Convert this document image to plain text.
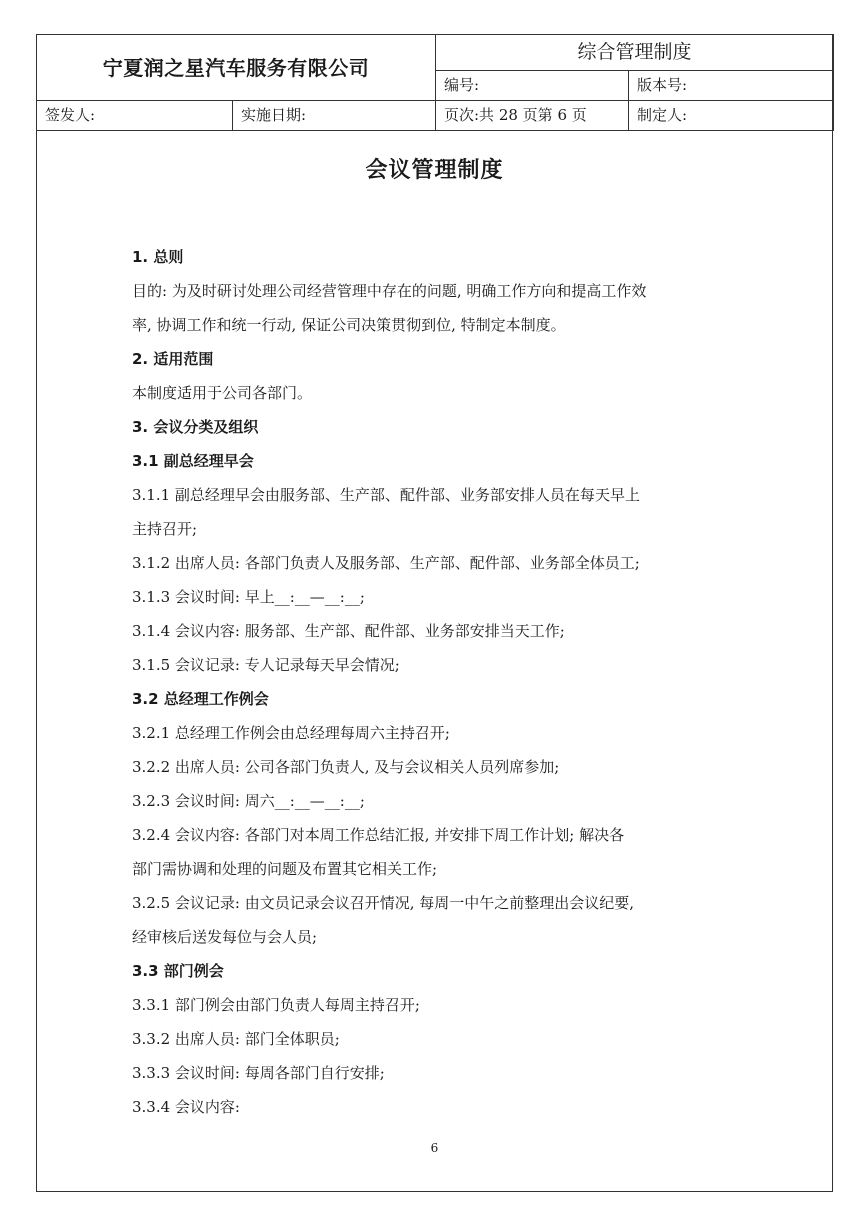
宁夏润之星汽车服务有限公司		综合管理制度	
		编号:	版本号:
签发人:	实施日期:	页次:共 28 页第 6 页	制定人:
会议管理制度
1. 总则
目的: 为及时研讨处理公司经营管理中存在的问题, 明确工作方向和提高工作效
率, 协调工作和统一行动, 保证公司决策贯彻到位, 特制定本制度。
2. 适用范围
本制度适用于公司各部门。
3. 会议分类及组织
3.1 副总经理早会
3.1.1 副总经理早会由服务部、生产部、配件部、业务部安排人员在每天早上
主持召开;
3.1.2 出席人员: 各部门负责人及服务部、生产部、配件部、业务部全体员工;
3.1.3 会议时间: 早上__:__—__:__;
3.1.4 会议内容: 服务部、生产部、配件部、业务部安排当天工作;
3.1.5 会议记录: 专人记录每天早会情况;
3.2 总经理工作例会
3.2.1 总经理工作例会由总经理每周六主持召开;
3.2.2 出席人员: 公司各部门负责人, 及与会议相关人员列席参加;
3.2.3 会议时间: 周六__:__—__:__;
3.2.4 会议内容: 各部门对本周工作总结汇报, 并安排下周工作计划; 解决各
部门需协调和处理的问题及布置其它相关工作;
3.2.5 会议记录: 由文员记录会议召开情况, 每周一中午之前整理出会议纪要,
经审核后送发每位与会人员;
3.3 部门例会
3.3.1 部门例会由部门负责人每周主持召开;
3.3.2 出席人员: 部门全体职员;
3.3.3 会议时间: 每周各部门自行安排;
3.3.4 会议内容:
6
